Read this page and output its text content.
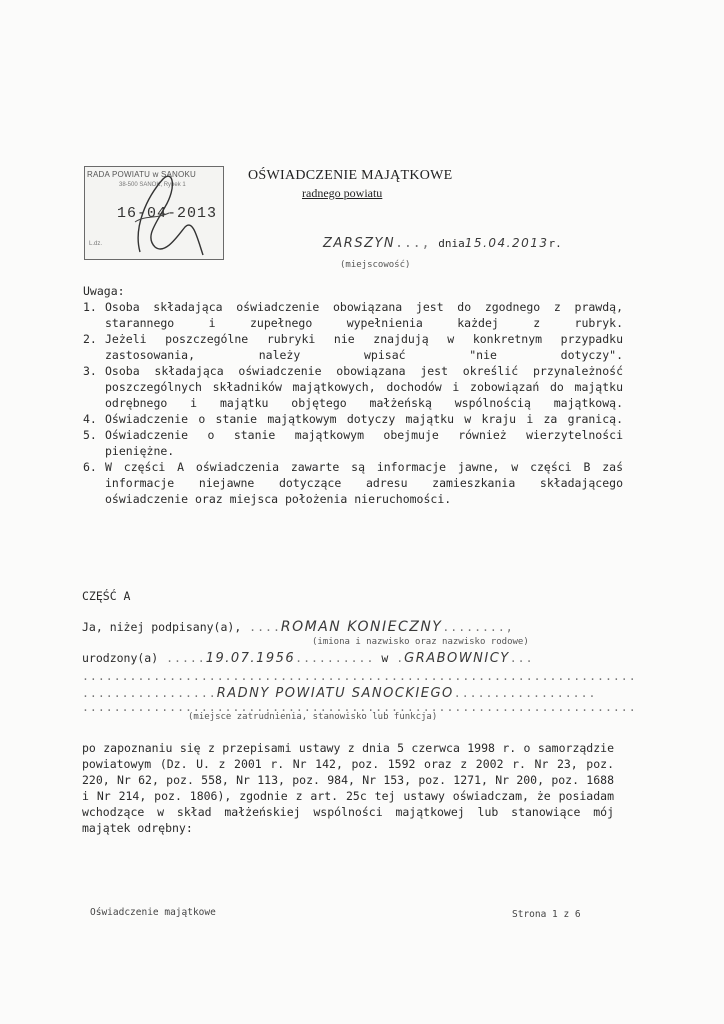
RADA POWIATU w SANOKU
38-500 SANOK, Rynek 1
16-04-2013
L.dz.
OŚWIADCZENIE MAJĄTKOWE
radnego powiatu
ZARSZYN..., dnia15.04.2013r.
(miejscowość)
Uwaga:
1. Osoba składająca oświadczenie obowiązana jest do zgodnego z prawdą, starannego i zupełnego wypełnienia każdej z rubryk.
2. Jeżeli poszczególne rubryki nie znajdują w konkretnym przypadku zastosowania, należy wpisać "nie dotyczy".
3. Osoba składająca oświadczenie obowiązana jest określić przynależność poszczególnych składników majątkowych, dochodów i zobowiązań do majątku odrębnego i majątku objętego małżeńską wspólnością majątkową.
4. Oświadczenie o stanie majątkowym dotyczy majątku w kraju i za granicą.
5. Oświadczenie o stanie majątkowym obejmuje również wierzytelności pieniężne.
6. W części A oświadczenia zawarte są informacje jawne, w części B zaś informacje niejawne dotyczące adresu zamieszkania składającego oświadczenie oraz miejsca położenia nieruchomości.
CZĘŚĆ A
Ja, niżej podpisany(a), ....ROMAN KONIECZNY........,
(imiona i nazwisko oraz nazwisko rodowe)
urodzony(a) .....19.07.1956.......... w .GRABOWNICY...
......................................................................
.................RADNY POWIATU SANOCKIEGO..................
......................................................................
(miejsce zatrudnienia, stanowisko lub funkcja)
po zapoznaniu się z przepisami ustawy z dnia 5 czerwca 1998 r. o samorządzie powiatowym (Dz. U. z 2001 r. Nr 142, poz. 1592 oraz z 2002 r. Nr 23, poz. 220, Nr 62, poz. 558, Nr 113, poz. 984, Nr 153, poz. 1271, Nr 200, poz. 1688 i Nr 214, poz. 1806), zgodnie z art. 25c tej ustawy oświadczam, że posiadam wchodzące w skład małżeńskiej wspólności majątkowej lub stanowiące mój majątek odrębny:
Oświadczenie majątkowe	Strona 1 z 6
